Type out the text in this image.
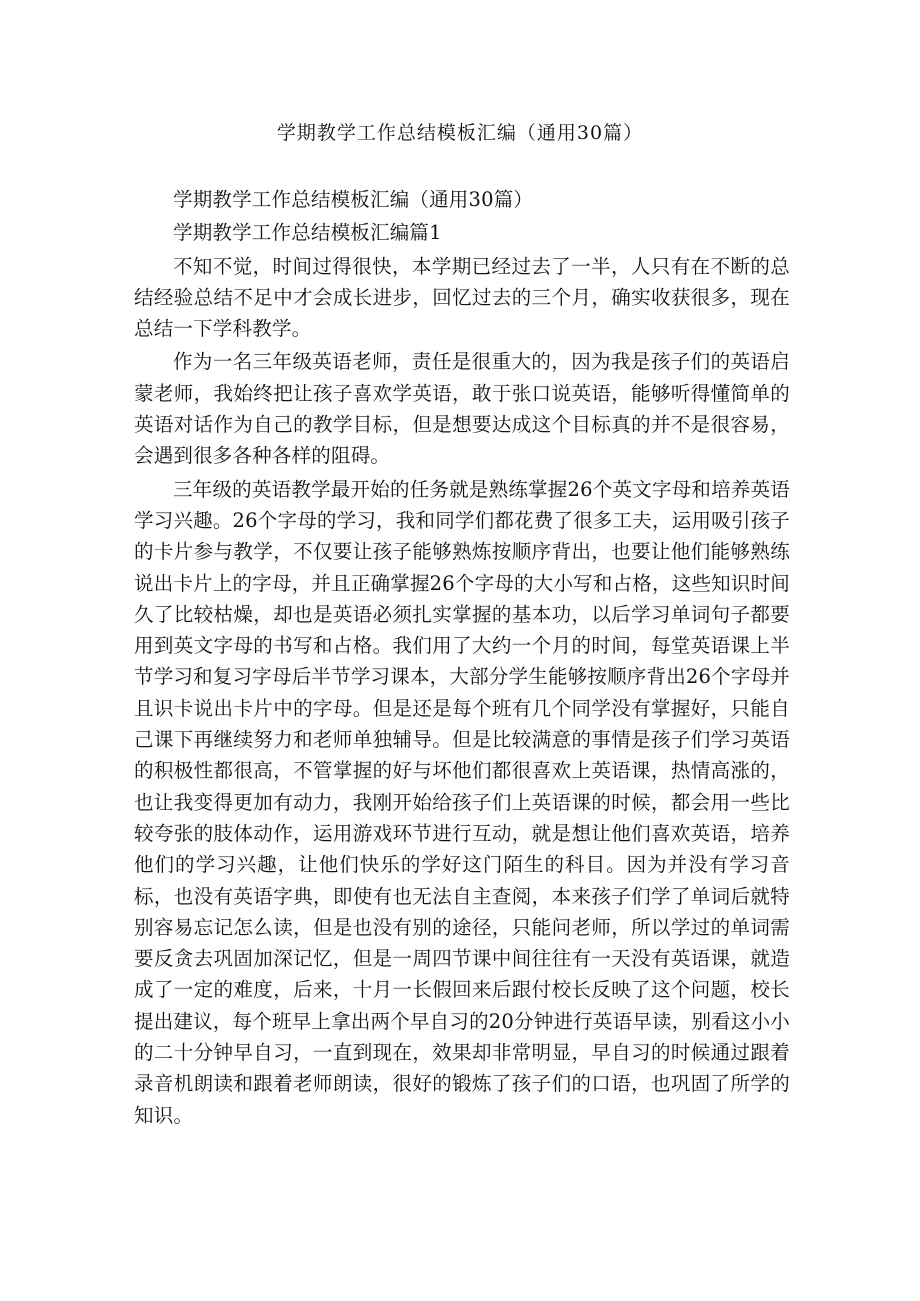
学期教学工作总结模板汇编（通用30篇）

学期教学工作总结模板汇编（通用30篇）

学期教学工作总结模板汇编篇1

不知不觉，时间过得很快，本学期已经过去了一半，人只有在不断的总结经验总结不足中才会成长进步，回忆过去的三个月，确实收获很多，现在总结一下学科教学。

作为一名三年级英语老师，责任是很重大的，因为我是孩子们的英语启蒙老师，我始终把让孩子喜欢学英语，敢于张口说英语，能够听得懂简单的英语对话作为自己的教学目标，但是想要达成这个目标真的并不是很容易，会遇到很多各种各样的阻碍。

三年级的英语教学最开始的任务就是熟练掌握26个英文字母和培养英语学习兴趣。26个字母的学习，我和同学们都花费了很多工夫，运用吸引孩子的卡片参与教学，不仅要让孩子能够熟炼按顺序背出，也要让他们能够熟练说出卡片上的字母，并且正确掌握26个字母的大小写和占格，这些知识时间久了比较枯燥，却也是英语必须扎实掌握的基本功，以后学习单词句子都要用到英文字母的书写和占格。我们用了大约一个月的时间，每堂英语课上半节学习和复习字母后半节学习课本，大部分学生能够按顺序背出26个字母并且识卡说出卡片中的字母。但是还是每个班有几个同学没有掌握好，只能自己课下再继续努力和老师单独辅导。但是比较满意的事情是孩子们学习英语的积极性都很高，不管掌握的好与坏他们都很喜欢上英语课，热情高涨的，也让我变得更加有动力，我刚开始给孩子们上英语课的时候，都会用一些比较夸张的肢体动作，运用游戏环节进行互动，就是想让他们喜欢英语，培养他们的学习兴趣，让他们快乐的学好这门陌生的科目。因为并没有学习音标，也没有英语字典，即使有也无法自主查阅，本来孩子们学了单词后就特别容易忘记怎么读，但是也没有别的途径，只能问老师，所以学过的单词需要反贪去巩固加深记忆，但是一周四节课中间往往有一天没有英语课，就造成了一定的难度，后来，十月一长假回来后跟付校长反映了这个问题，校长提出建议，每个班早上拿出两个早自习的20分钟进行英语早读，别看这小小的二十分钟早自习，一直到现在，效果却非常明显，早自习的时候通过跟着录音机朗读和跟着老师朗读，很好的锻炼了孩子们的口语，也巩固了所学的知识。
